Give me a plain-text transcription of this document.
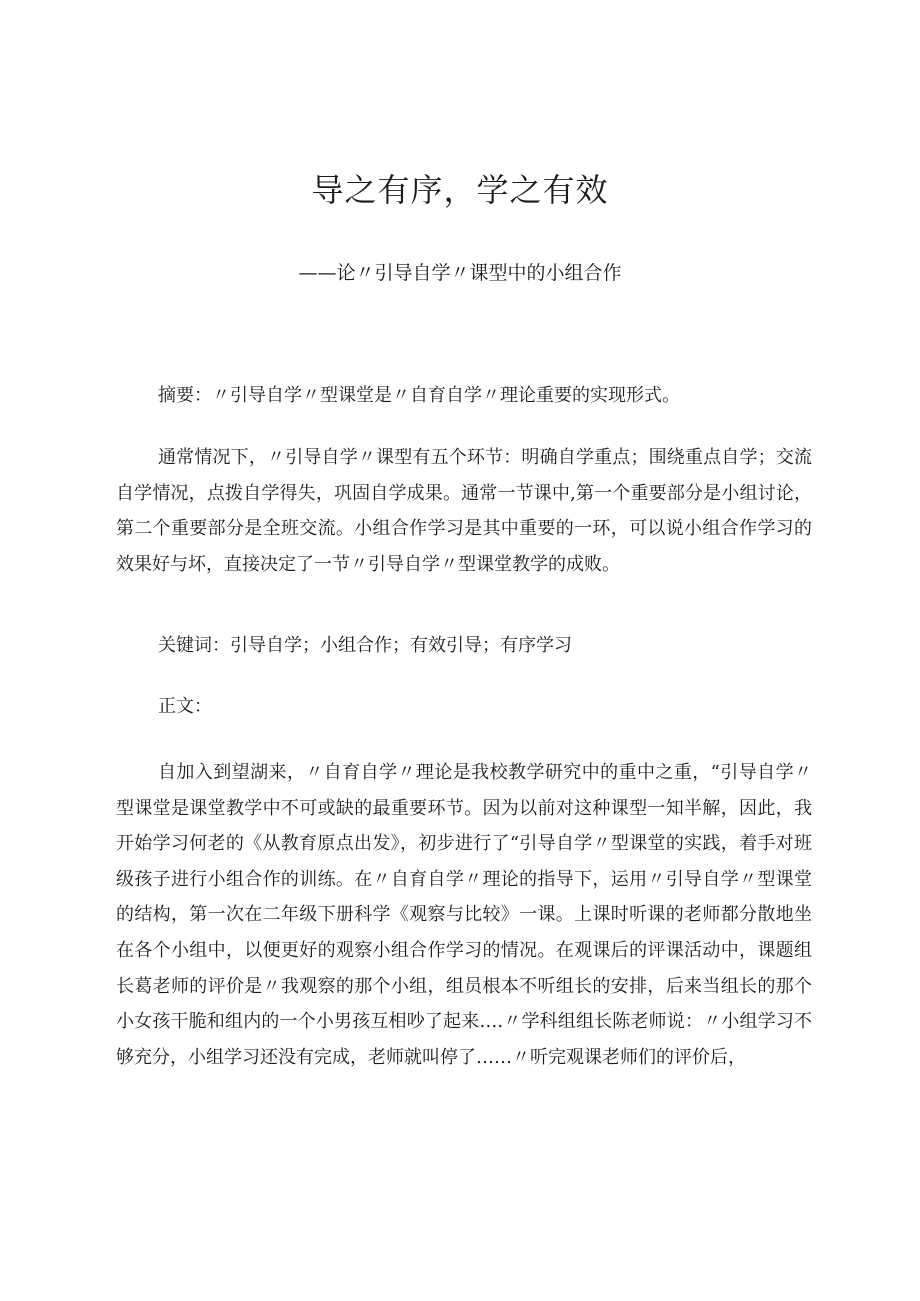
导之有序，学之有效

——论〃引导自学〃课型中的小组合作

摘要：〃引导自学〃型课堂是〃自育自学〃理论重要的实现形式。

通常情况下，〃引导自学〃课型有五个环节：明确自学重点；围绕重点自学；交流自学情况，点拨自学得失，巩固自学成果。通常一节课中,第一个重要部分是小组讨论，第二个重要部分是全班交流。小组合作学习是其中重要的一环，可以说小组合作学习的效果好与坏，直接决定了一节〃引导自学〃型课堂教学的成败。

关键词：引导自学；小组合作；有效引导；有序学习

正文：

自加入到望湖来，〃自育自学〃理论是我校教学研究中的重中之重，“引导自学〃型课堂是课堂教学中不可或缺的最重要环节。因为以前对这种课型一知半解，因此，我开始学习何老的《从教育原点出发》，初步进行了“引导自学〃型课堂的实践，着手对班级孩子进行小组合作的训练。在〃自育自学〃理论的指导下，运用〃引导自学〃型课堂的结构，第一次在二年级下册科学《观察与比较》一课。上课时听课的老师都分散地坐在各个小组中，以便更好的观察小组合作学习的情况。在观课后的评课活动中，课题组长葛老师的评价是〃我观察的那个小组，组员根本不听组长的安排，后来当组长的那个小女孩干脆和组内的一个小男孩互相吵了起来….〃学科组组长陈老师说：〃小组学习不够充分，小组学习还没有完成，老师就叫停了……〃听完观课老师们的评价后，
